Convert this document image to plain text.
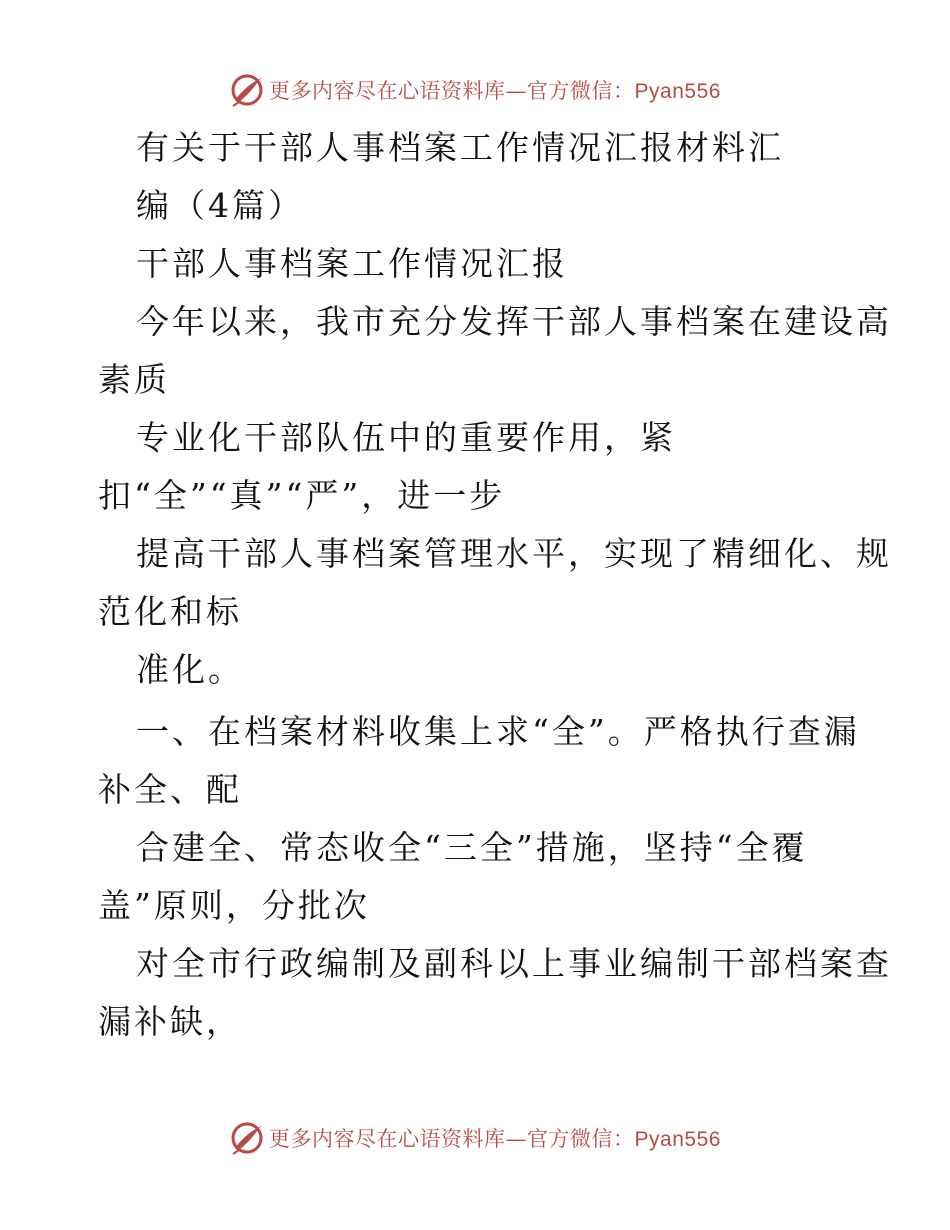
更多内容尽在心语资料库—官方微信：Pyan556
有关于干部人事档案工作情况汇报材料汇
编（4篇）
干部人事档案工作情况汇报
今年以来，我市充分发挥干部人事档案在建设高
素质
专业化干部队伍中的重要作用，紧
扣“全”“真”“严”，进一步
提高干部人事档案管理水平，实现了精细化、规
范化和标
准化。
一、在档案材料收集上求“全”。严格执行查漏
补全、配
合建全、常态收全“三全”措施，坚持“全覆
盖”原则，分批次
对全市行政编制及副科以上事业编制干部档案查
漏补缺，
更多内容尽在心语资料库—官方微信：Pyan556
